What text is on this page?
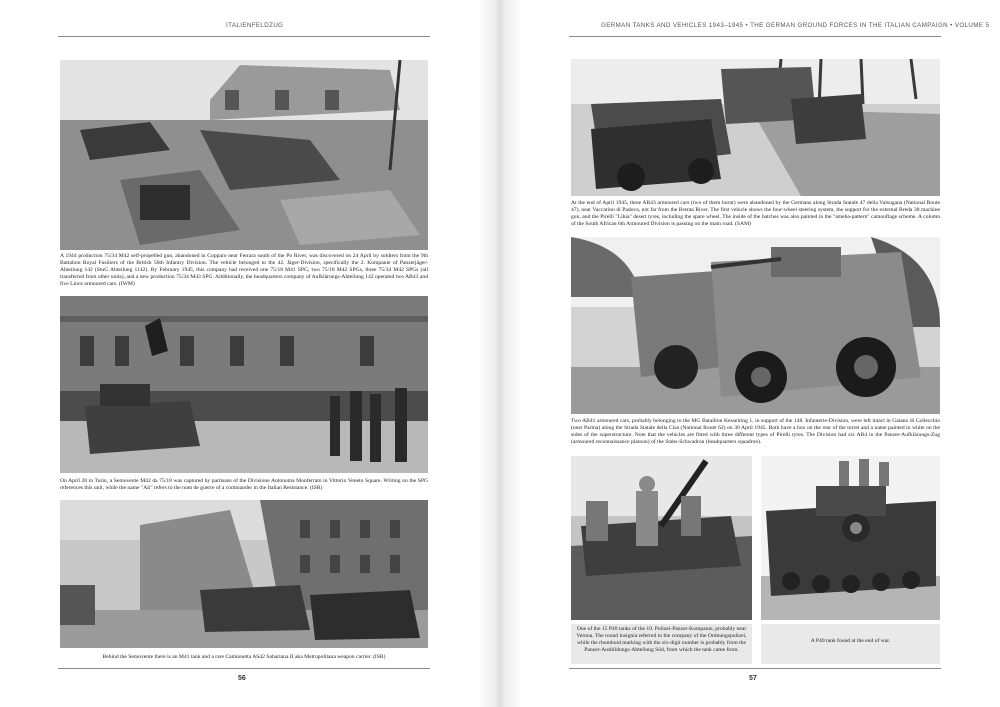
ITALIENFELDZUG
A 1944 production 75/34 M42 self-propelled gun, abandoned in Copparo near Ferrara south of the Po River, was discovered on 24 April by soldiers from the 9th Battalion Royal Fusiliers of the British 56th Infantry Division. The vehicle belonged to the 42. Jäger-Division, specifically the 2. Kompanie of Panzerjäger-Abteilung 142 (StuG Abteilung 1142). By February 1945, this company had received one 75/18 M41 SPG, two 75/18 M42 SPGs, three 75/34 M42 SPGs (all transferred from other units), and a new production 75/34 M43 SPG. Additionally, the headquarters company of Aufklärungs-Abteilung 142 operated two AB43 and five Lince armoured cars. (IWM)
On April 28 in Turin, a Semovente M42 da 75/18 was captured by partisans of the Divisione Autonoma Monferrato in Vittorio Veneto Square. Writing on the SPG references this unit, while the name "Ali" refers to the nom de guerre of a commander in the Italian Resistance. (ISR)
Behind the Semovente there is an M41 tank and a rare Camionetta AS42 Sahariana II aka Metropolitana weapon carrier. (ISR)
56
GERMAN TANKS AND VEHICLES 1943–1945 • THE GERMAN GROUND FORCES IN THE ITALIAN CAMPAIGN • VOLUME 5
At the end of April 1945, three AB43 armoured cars (two of them burnt) were abandoned by the Germans along Strada Statale 47 della Valsugana (National Route 47), near Vaccarino di Padova, not far from the Brenta River. The first vehicle shows the four-wheel steering system, the support for the external Breda 38 machine gun, and the Pirelli "Libia" desert tyres, including the spare wheel. The inside of the hatches was also painted in the "ameba-pattern" camouflage scheme. A column of the South African 6th Armoured Division is passing on the main road. (SAM)
Two AB41 armoured cars, probably belonging to the MG Bataillon Kesselring 1, in support of the 148. Infanterie-Division, were left intact in Gaiano di Collecchio (near Parma) along the Strada Statale della Cisa (National Route 62) on 30 April 1945. Both have a box on the rear of the turret and a name painted in white on the sides of the superstructure. Note that the vehicles are fitted with three different types of Pirelli tyres. The Division had six AB4 in the Panzer-Aufklärungs-Zug (armoured reconnaissance platoon) of the Stabs-Schwadron (headquarters squadron).
One of the 15 P40 tanks of the 10. Polizei-Panzer-Kompanie, probably near Verona. The round insignia referred to the company of the Ordnungspolizei, while the rhomboid marking with the six-digit number is probably from the Panzer-Ausbildungs-Abteilung Süd, from which the tank came from.
A P40 tank found at the end of war.
57
